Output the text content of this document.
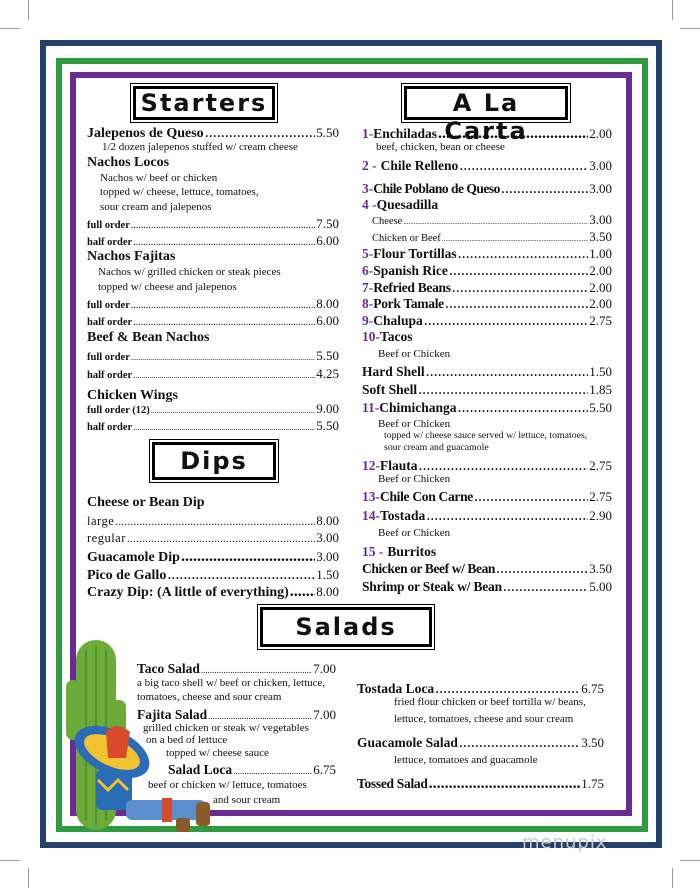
Starters
Jalepenos de Queso .....	5.50
1/2 dozen jalepenos stuffed w/ cream cheese
Nachos Locos
Nachos w/ beef or chicken
topped w/ cheese, lettuce, tomatoes,
sour cream and jalepenos
full order .....	7.50
half order .....	6.00
Nachos Fajitas
Nachos w/ grilled chicken or steak pieces
topped w/ cheese and jalepenos
full order .....	8.00
half order .....	6.00
Beef & Bean Nachos
full order .....	5.50
half order .....	4.25
Chicken Wings
full order (12) .....	9.00
half order .....	5.50
Dips
Cheese or Bean Dip
large .....	8.00
regular .....	3.00
Guacamole Dip .....	3.00
Pico de Gallo .....	1.50
Crazy Dip: (A little of everything) ..... 8.00
A La Carta
1- Enchiladas .....	2.00
beef, chicken, bean or cheese
2 -
Chile Relleno .....	3.00
3- Chile Poblano de Queso .....	3.00
4 - Quesadilla
Cheese .....	3.00
Chicken or Beef .....	3.50
5- Flour Tortillas .....	1.00
6- Spanish Rice .....	2.00
7- Refried Beans .....	2.00
8- Pork Tamale .....	2.00
9- Chalupa .....	2.75
10- Tacos
Beef or Chicken
Hard Shell .....	1.50
Soft Shell .....	1.85
11- Chimichanga .....	5.50
Beef or Chicken
topped w/ cheese sauce served w/ lettuce, tomatoes,
sour cream and guacamole
12- Flauta .....	2.75
Beef or Chicken
13- Chile Con Carne .....	2.75
14- Tostada .....	2.90
Beef or Chicken
15 -
Burritos
Chicken or Beef w/ Bean .....	3.50
Shrimp or Steak w/ Bean .....	5.00
Salads
Taco Salad .....	7.00
a big taco shell w/ beef or chicken, lettuce,
tomatoes, cheese and sour cream
Fajita Salad .....	7.00
grilled chicken or steak w/ vegetables
on a bed of lettuce
topped w/ cheese sauce
Salad Loca .....	6.75
beef or chicken w/ lettuce, tomatoes
and sour cream
Tostada Loca .....	6.75
fried flour chicken or beef tortilla w/ beans,
lettuce, tomatoes, cheese and sour cream
Guacamole Salad .....	3.50
lettuce, tomatoes and guacamole
Tossed Salad .....	1.75
menupix
